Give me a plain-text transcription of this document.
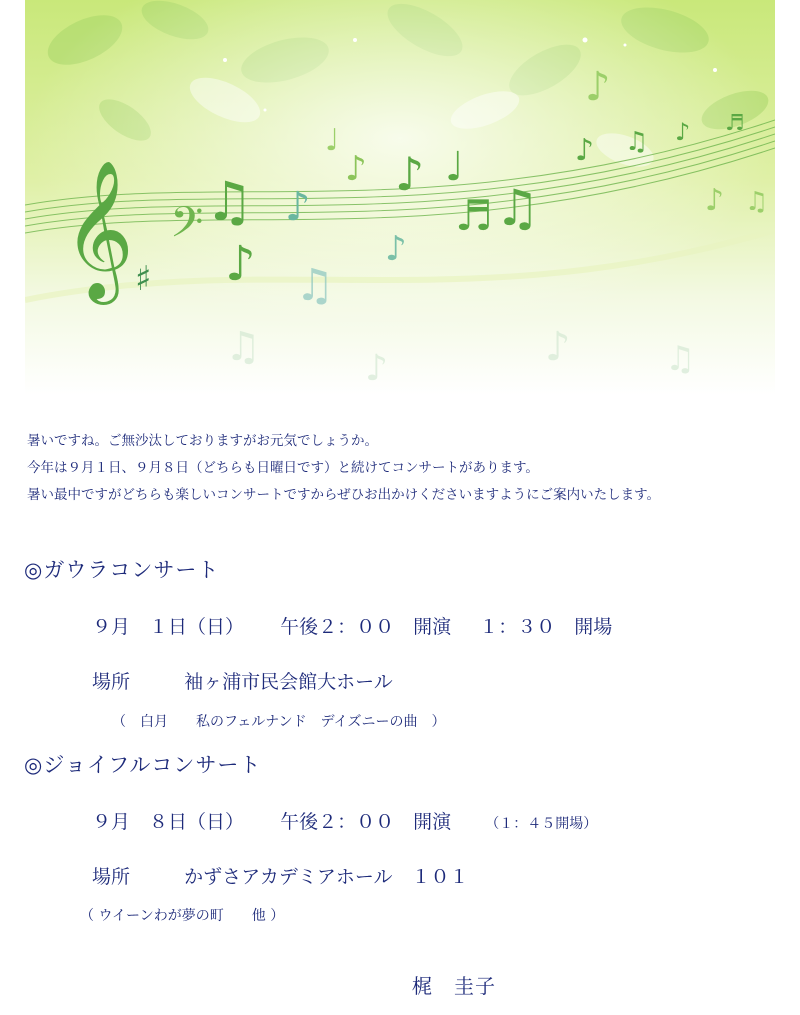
𝄞 𝄢
♯
♫ ♪
♪
♪ ♩
♫
♬
♪	♪ ♫ ♪ ♬
♪
♩
♪
♫
♪ ♫
♫	♪	♪	♫

暑いですね。ご無沙汰しておりますがお元気でしょうか。

今年は９月１日、９月８日（どちらも日曜日です）と続けてコンサートがあります。

暑い最中ですがどちらも楽しいコンサートですからぜひお出かけくださいますようにご案内いたします。

◎ガウラコンサート
９月　１日（日） 午後２：００　開演 １：３０　開場
場所	袖ヶ浦市民会館大ホール
（　白月　　私のフェルナンド　デイズニーの曲　）
◎ジョイフルコンサート
９月　８日（日） 午後２：００　開演 （１：４５開場）
場所	かずさアカデミアホール　１０１
（ ウイーンわが夢の町　　他 ）
梶　圭子
